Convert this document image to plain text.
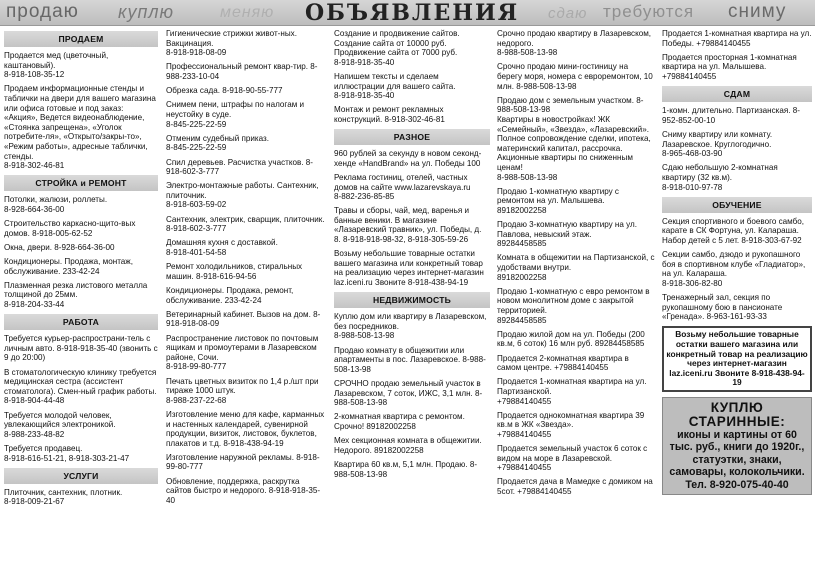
продаю куплю	меняю ОБЪЯВЛЕНИЯ сдаю требуются сниму
ПРОДАЕМ
Продается мед (цветочный, каштановый).
8-918-108-35-12
Продаем информационные стенды и таблички на двери для вашего магазина или офиса готовые и под заказ: «Акция», Ведется видеонаблюдение, «Стоянка запрещена», «Уголок потребите-ля», «Открыто/закры-то», «Режим работы», адресные таблички, стенды.
8-918-302-46-81
СТРОЙКА и РЕМОНТ
Потолки, жалюзи, роллеты.
8-928-664-36-00
Строительство каркасно-щито-вых домов. 8-918-005-62-52
Окна, двери. 8-928-664-36-00
Кондиционеры. Продажа, монтаж, обслуживание. 233-42-24
Плазменная резка листового металла толщиной до 25мм.
8-918-204-33-44
РАБОТА
Требуется курьер-распространи-тель с личным авто. 8-918-918-35-40 (звонить с 9 до 20:00)
В стоматологическую клинику требуется медицинская сестра (ассистент стоматолога). Смен-ный график работы.
8-918-904-44-48
Требуется молодой человек, увлекающийся электроникой.
8-988-233-48-82
Требуется продавец.
8-918-616-51-21, 8-918-303-21-47
УСЛУГИ
Плиточник, сантехник, плотник.
8-918-009-21-67
Гигиенические стрижки живот-ных. Вакцинация.
8-918-918-08-09
Профессиональный ремонт квар-тир. 8-988-233-10-04
Обрезка сада. 8-918-90-55-777
Снимем пени, штрафы по налогам и неустойку в суде.
8-845-225-22-59
Отменим судебный приказ.
8-845-225-22-59
Спил деревьев. Расчистка участков. 8-918-602-3-777
Электро-монтажные работы. Сантехник, плиточник.
8-918-603-59-02
Сантехник, электрик, сварщик, плиточник. 8-918-602-3-777
Домашняя кухня с доставкой.
8-918-401-54-58
Ремонт холодильников, стиральных машин. 8-918-616-94-56
Кондиционеры. Продажа, ремонт, обслуживание. 233-42-24
Ветеринарный кабинет. Вызов на дом. 8-918-918-08-09
Распространение листовок по почтовым ящикам и промоутерами в Лазаревском районе, Сочи.
8-918-99-80-777
Печать цветных визиток по 1,4 р./шт при тираже 1000 штук.
8-988-237-22-68
Изготовление меню для кафе, карманных и настенных календарей, сувенирной продукции, визиток, листовок, буклетов, плакатов и т.д. 8-918-438-94-19
Изготовление наружной рекламы. 8-918-99-80-777
Обновление, поддержка, раскрутка сайтов быстро и недорого. 8-918-918-35-40
Создание и продвижение сайтов. Создание сайта от 10000 руб. Продвижение сайта от 7000 руб.
8-918-918-35-40
Напишем тексты и сделаем иллюстрации для вашего сайта.
8-918-918-35-40
Монтаж и ремонт рекламных конструкций. 8-918-302-46-81
РАЗНОЕ
960 рублей за секунду в новом секонд-хенде «HandBrand» на ул. Победы 100
Реклама гостиниц, отелей, частных домов на сайте www.lazarevskaya.ru
8-882-236-85-85
Травы и сборы, чай, мед, варенья и банные веники. В магазине «Лазаревский травник», ул. Победы, д. 8. 8-918-918-98-32, 8-918-305-59-26
Возьму небольшие товарные остатки вашего магазина или конкретный товар на реализацию через интернет-магазин laz.iceni.ru Звоните 8-918-438-94-19
НЕДВИЖИМОСТЬ
Куплю дом или квартиру в Лазаревском, без посредников.
8-988-508-13-98
Продаю комнату в общежитии или апартаменты в пос. Лазаревское. 8-988-508-13-98
СРОЧНО продаю земельный участок в Лазаревском, 7 соток, ИЖС, 3,1 млн. 8-988-508-13-98
2-комнатная квартира с ремонтом. Срочно! 89182002258
Мех секционная комната в общежитии. Недорого. 89182002258
Квартира 60 кв.м, 5,1 млн. Продаю. 8-988-508-13-98
Срочно продаю квартиру в Лазаревском, недорого.
8-988-508-13-98
Срочно продаю мини-гостиницу на берегу моря, номера с евроремонтом, 10 млн. 8-988-508-13-98
Продаю дом с земельным участком. 8-988-508-13-98
Квартиры в новостройках! ЖК «Семейный», «Звезда», «Лазаревский». Полное сопровождение сделки, ипотека, материнский капитал, рассрочка. Акционные квартиры по сниженным ценам!
8-988-508-13-98
Продаю 1-комнатную квартиру с ремонтом на ул. Малышева.
89182002258
Продаю 3-комнатную квартиру на ул. Павлова, невыский этаж.
89284458585
Комната в общежитии на Партизанской, с удобствами внутри.
89182002258
Продаю 1-комнатную с евро ремонтом в новом монолитном доме с закрытой территорией.
89284458585
Продаю жилой дом на ул. Победы (200 кв.м, 6 соток) 16 млн руб. 89284458585
Продается 2-комнатная квартира в самом центре. +79884140455
Продается 1-комнатная квартира на ул. Партизанской.
+79884140455
Продается однокомнатная квартира 39 кв.м в ЖК «Звезда».
+79884140455
Продается земельный участок 6 соток с видом на море в Лазаревской. +79884140455
Продается дача в Мамедке с домиком на 5сот. +79884140455
Продается 1-комнатная квартира на ул. Победы. +79884140455
Продается просторная 1-комнатная квартира на ул. Малышева.
+79884140455
СДАМ
1-комн. длительно. Партизанская. 8-952-852-00-10
Сниму квартиру или комнату. Лазаревское. Круглогодично.
8-965-468-03-90
Сдаю небольшую 2-комнатная квартиру (32 кв.м).
8-918-010-97-78
ОБУЧЕНИЕ
Секция спортивного и боевого самбо, карате в СК Фортуна, ул. Калараша. Набор детей с 5 лет. 8-918-303-67-92
Секции самбо, дзюдо и рукопашного боя в спортивном клубе «Гладиатор», на ул. Калараша.
8-918-306-82-80
Тренажерный зал, секция по рукопашному бою в пансионате «Гренада». 8-963-161-93-33
Возьму небольшие товарные остатки вашего магазина или конкретный товар на реализацию через интернет-магазин laz.iceni.ru Звоните 8-918-438-94-19
КУПЛЮ СТАРИННЫЕ:
иконы и картины от 60 тыс. руб., книги до 1920г., статуэтки, знаки, самовары, колокольчики.
Тел. 8-920-075-40-40
